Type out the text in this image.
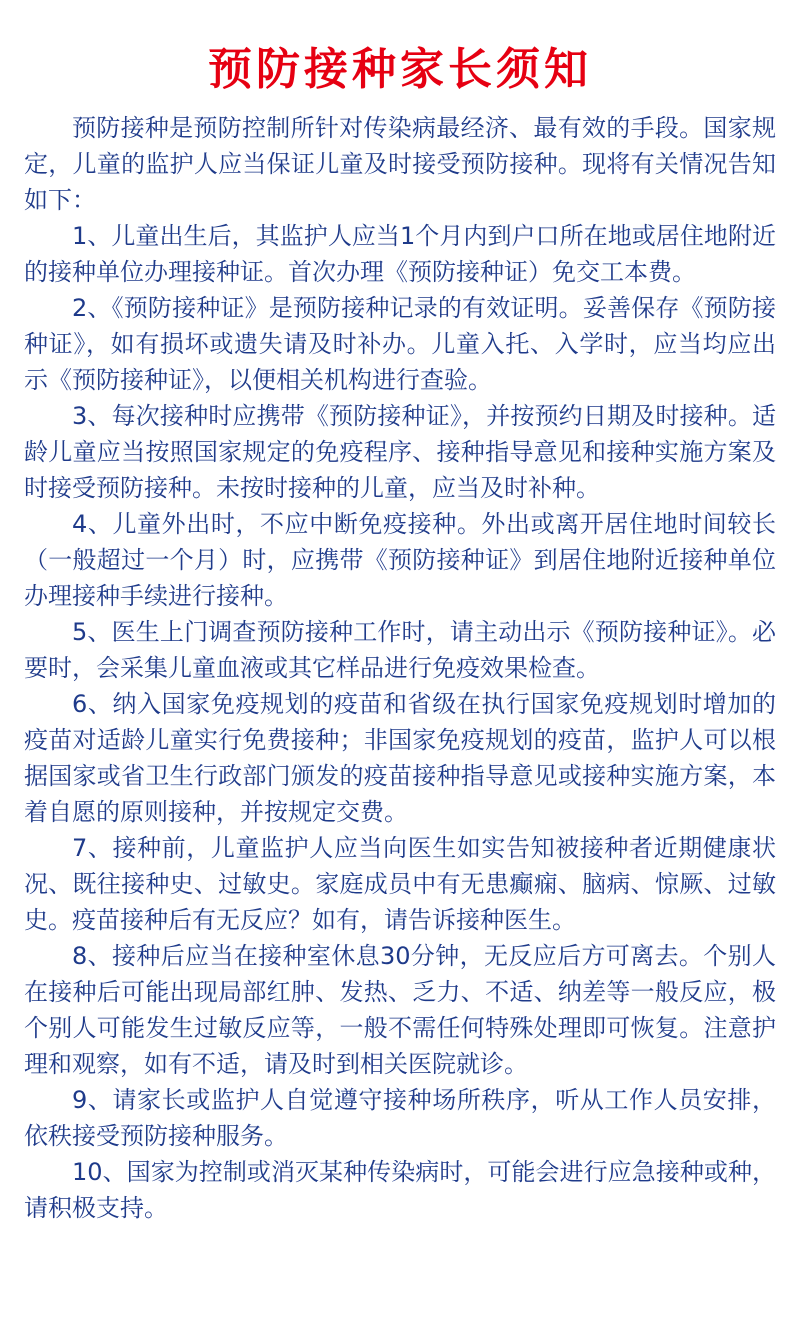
预防接种家长须知

预防接种是预防控制所针对传染病最经济、最有效的手段。国家规定，儿童的监护人应当保证儿童及时接受预防接种。现将有关情况告知如下：

1、儿童出生后，其监护人应当1个月内到户口所在地或居住地附近的接种单位办理接种证。首次办理《预防接种证）免交工本费。

2、《预防接种证》是预防接种记录的有效证明。妥善保存《预防接种证》，如有损坏或遗失请及时补办。儿童入托、入学时，应当均应出示《预防接种证》，以便相关机构进行查验。

3、每次接种时应携带《预防接种证》，并按预约日期及时接种。适龄儿童应当按照国家规定的免疫程序、接种指导意见和接种实施方案及时接受预防接种。未按时接种的儿童，应当及时补种。

4、儿童外出时，不应中断免疫接种。外出或离开居住地时间较长（一般超过一个月）时，应携带《预防接种证》到居住地附近接种单位办理接种手续进行接种。

5、医生上门调查预防接种工作时，请主动出示《预防接种证》。必要时，会采集儿童血液或其它样品进行免疫效果检查。

6、纳入国家免疫规划的疫苗和省级在执行国家免疫规划时增加的疫苗对适龄儿童实行免费接种；非国家免疫规划的疫苗，监护人可以根据国家或省卫生行政部门颁发的疫苗接种指导意见或接种实施方案，本着自愿的原则接种，并按规定交费。

7、接种前，儿童监护人应当向医生如实告知被接种者近期健康状况、既往接种史、过敏史。家庭成员中有无患癫痫、脑病、惊厥、过敏史。疫苗接种后有无反应？如有，请告诉接种医生。

8、接种后应当在接种室休息30分钟，无反应后方可离去。个别人在接种后可能出现局部红肿、发热、乏力、不适、纳差等一般反应，极个别人可能发生过敏反应等，一般不需任何特殊处理即可恢复。注意护理和观察，如有不适，请及时到相关医院就诊。

9、请家长或监护人自觉遵守接种场所秩序，听从工作人员安排，依秩接受预防接种服务。

10、国家为控制或消灭某种传染病时，可能会进行应急接种或种，请积极支持。
